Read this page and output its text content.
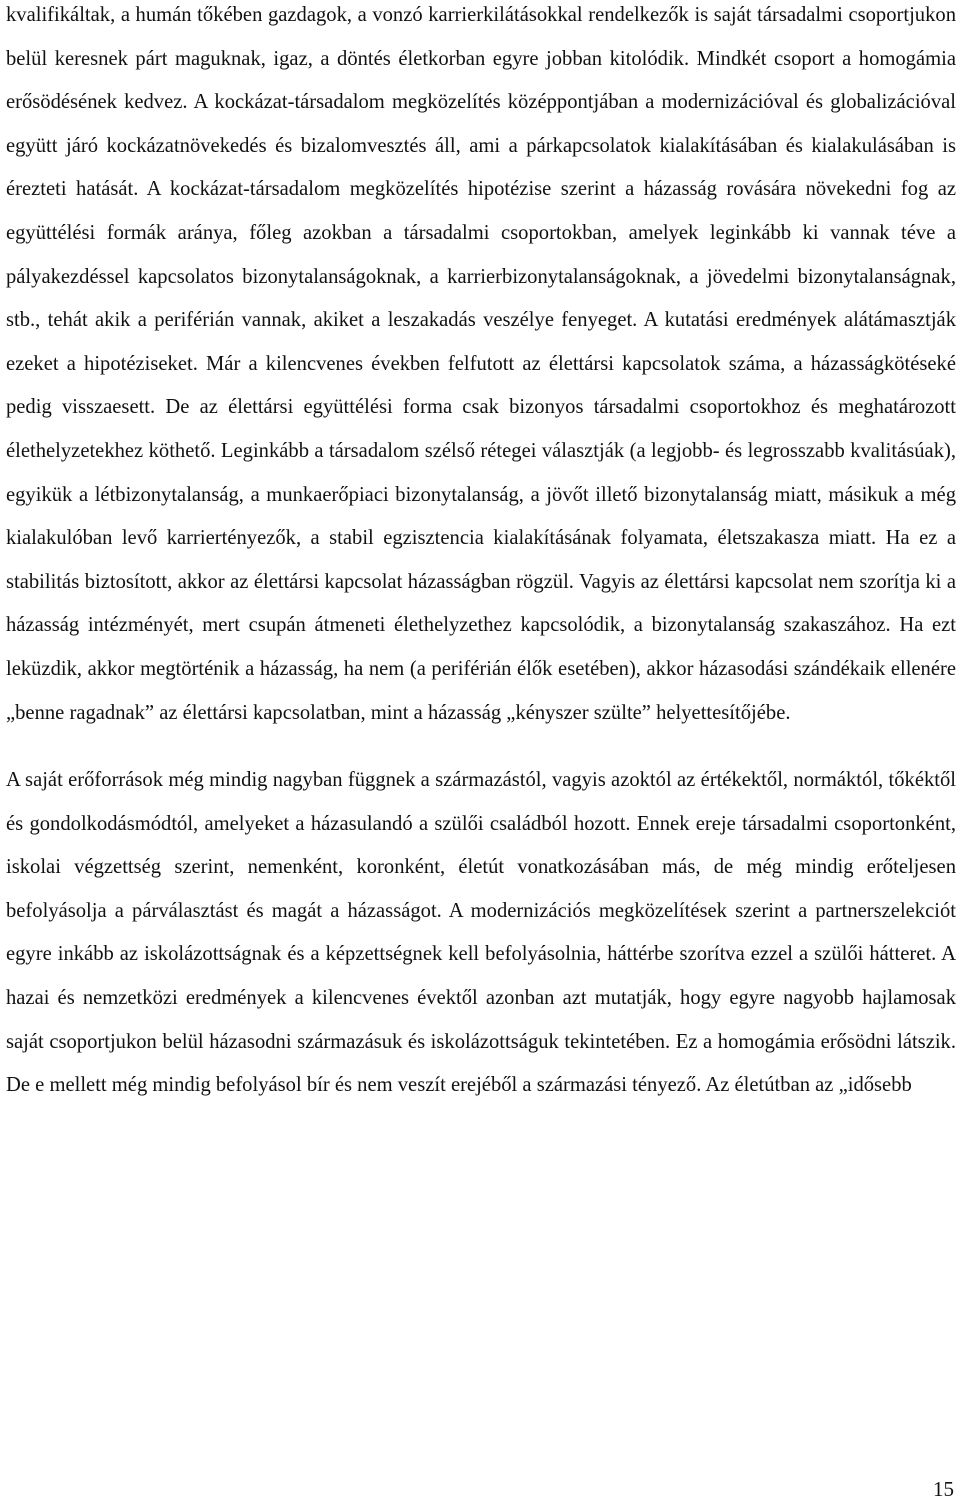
kvalifikáltak, a humán tőkében gazdagok, a vonzó karrierkilátásokkal rendelkezők is saját társadalmi csoportjukon belül keresnek párt maguknak, igaz, a döntés életkorban egyre jobban kitolódik. Mindkét csoport a homogámia erősödésének kedvez. A kockázat-társadalom megközelítés középpontjában a modernizációval és globalizációval együtt járó kockázatnövekedés és bizalomvesztés áll, ami a párkapcsolatok kialakításában és kialakulásában is érezteti hatását. A kockázat-társadalom megközelítés hipotézise szerint a házasság rovására növekedni fog az együttélési formák aránya, főleg azokban a társadalmi csoportokban, amelyek leginkább ki vannak téve a pályakezdéssel kapcsolatos bizonytalanságoknak, a karrierbizonytalanságoknak, a jövedelmi bizonytalanságnak, stb., tehát akik a periférián vannak, akiket a leszakadás veszélye fenyeget. A kutatási eredmények alátámasztják ezeket a hipotéziseket. Már a kilencvenes években felfutott az élettársi kapcsolatok száma, a házasságkötéseké pedig visszaesett. De az élettársi együttélési forma csak bizonyos társadalmi csoportokhoz és meghatározott élethelyzetekhez köthető. Leginkább a társadalom szélső rétegei választják (a legjobb- és legrosszabb kvalitásúak), egyikük a létbizonytalanság, a munkaerőpiaci bizonytalanság, a jövőt illető bizonytalanság miatt, másikuk a még kialakulóban levő karriertényezők, a stabil egzisztencia kialakításának folyamata, életszakasza miatt. Ha ez a stabilitás biztosított, akkor az élettársi kapcsolat házasságban rögzül. Vagyis az élettársi kapcsolat nem szorítja ki a házasság intézményét, mert csupán átmeneti élethelyzethez kapcsolódik, a bizonytalanság szakaszához. Ha ezt leküzdik, akkor megtörténik a házasság, ha nem (a periférián élők esetében), akkor házasodási szándékaik ellenére „benne ragadnak” az élettársi kapcsolatban, mint a házasság „kényszer szülte” helyettesítőjébe.

A saját erőforrások még mindig nagyban függnek a származástól, vagyis azoktól az értékektől, normáktól, tőkéktől és gondolkodásmódtól, amelyeket a házasulandó a szülői családból hozott. Ennek ereje társadalmi csoportonként, iskolai végzettség szerint, nemenként, koronként, életút vonatkozásában más, de még mindig erőteljesen befolyásolja a párválasztást és magát a házasságot. A modernizációs megközelítések szerint a partnerszelekciót egyre inkább az iskolázottságnak és a képzettségnek kell befolyásolnia, háttérbe szorítva ezzel a szülői hátteret. A hazai és nemzetközi eredmények a kilencvenes évektől azonban azt mutatják, hogy egyre nagyobb hajlamosak saját csoportjukon belül házasodni származásuk és iskolázottságuk tekintetében. Ez a homogámia erősödni látszik. De e mellett még mindig befolyásol bír és nem veszít erejéből a származási tényező. Az életútban az „idősebb

15
